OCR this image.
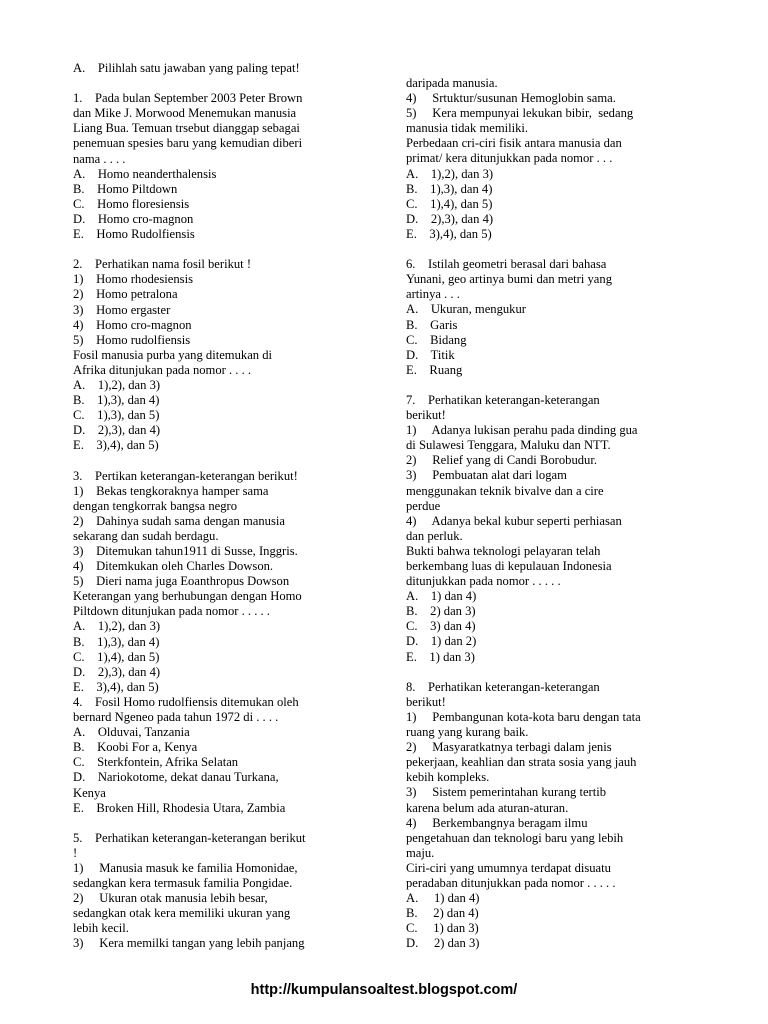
A.    Pilihlah satu jawaban yang paling tepat!
1.    Pada bulan September 2003 Peter Brown
dan Mike J. Morwood Menemukan manusia
Liang Bua. Temuan trsebut dianggap sebagai
penemuan spesies baru yang kemudian diberi
nama . . . .
A.    Homo neanderthalensis
B.    Homo Piltdown
C.    Homo floresiensis
D.    Homo cro-magnon
E.    Homo Rudolfiensis
2.    Perhatikan nama fosil berikut !
1)    Homo rhodesiensis
2)    Homo petralona
3)    Homo ergaster
4)    Homo cro-magnon
5)    Homo rudolfiensis
Fosil manusia purba yang ditemukan di
Afrika ditunjukan pada nomor . . . .
A.    1),2), dan 3)
B.    1),3), dan 4)
C.    1),3), dan 5)
D.    2),3), dan 4)
E.    3),4), dan 5)
3.    Pertikan keterangan-keterangan berikut!
1)    Bekas tengkoraknya hamper sama
dengan tengkorrak bangsa negro
2)    Dahinya sudah sama dengan manusia
sekarang dan sudah berdagu.
3)    Ditemukan tahun1911 di Susse, Inggris.
4)    Ditemkukan oleh Charles Dowson.
5)    Dieri nama juga Eoanthropus Dowson
Keterangan yang berhubungan dengan Homo
Piltdown ditunjukan pada nomor . . . . .
A.    1),2), dan 3)
B.    1),3), dan 4)
C.    1),4), dan 5)
D.    2),3), dan 4)
E.    3),4), dan 5)
4.    Fosil Homo rudolfiensis ditemukan oleh
bernard Ngeneo pada tahun 1972 di . . . .
A.    Olduvai, Tanzania
B.    Koobi For a, Kenya
C.    Sterkfontein, Afrika Selatan
D.    Nariokotome, dekat danau Turkana,
Kenya
E.    Broken Hill, Rhodesia Utara, Zambia
5.    Perhatikan keterangan-keterangan berikut
!
1)     Manusia masuk ke familia Homonidae,
sedangkan kera termasuk familia Pongidae.
2)     Ukuran otak manusia lebih besar,
sedangkan otak kera memiliki ukuran yang
lebih kecil.
3)     Kera memilki tangan yang lebih panjang
daripada manusia.
4)     Srtuktur/susunan Hemoglobin sama.
5)     Kera mempunyai lekukan bibir,  sedang
manusia tidak memiliki.
Perbedaan cri-ciri fisik antara manusia dan
primat/ kera ditunjukkan pada nomor . . .
A.    1),2), dan 3)
B.    1),3), dan 4)
C.    1),4), dan 5)
D.    2),3), dan 4)
E.    3),4), dan 5)
6.    Istilah geometri berasal dari bahasa
Yunani, geo artinya bumi dan metri yang
artinya . . .
A.    Ukuran, mengukur
B.    Garis
C.    Bidang
D.    Titik
E.    Ruang
7.    Perhatikan keterangan-keterangan
berikut!
1)     Adanya lukisan perahu pada dinding gua
di Sulawesi Tenggara, Maluku dan NTT.
2)     Relief yang di Candi Borobudur.
3)     Pembuatan alat dari logam
menggunakan teknik bivalve dan a cire
perdue
4)     Adanya bekal kubur seperti perhiasan
dan perluk.
Bukti bahwa teknologi pelayaran telah
berkembang luas di kepulauan Indonesia
ditunjukkan pada nomor . . . . .
A.    1) dan 4)
B.    2) dan 3)
C.    3) dan 4)
D.    1) dan 2)
E.    1) dan 3)
8.    Perhatikan keterangan-keterangan
berikut!
1)     Pembangunan kota-kota baru dengan tata
ruang yang kurang baik.
2)     Masyaratkatnya terbagi dalam jenis
pekerjaan, keahlian dan strata sosia yang jauh
kebih kompleks.
3)     Sistem pemerintahan kurang tertib
karena belum ada aturan-aturan.
4)     Berkembangnya beragam ilmu
pengetahuan dan teknologi baru yang lebih
maju.
Ciri-ciri yang umumnya terdapat disuatu
peradaban ditunjukkan pada nomor . . . . .
A.     1) dan 4)
B.     2) dan 4)
C.     1) dan 3)
D.     2) dan 3)
http://kumpulansoaltest.blogspot.com/
